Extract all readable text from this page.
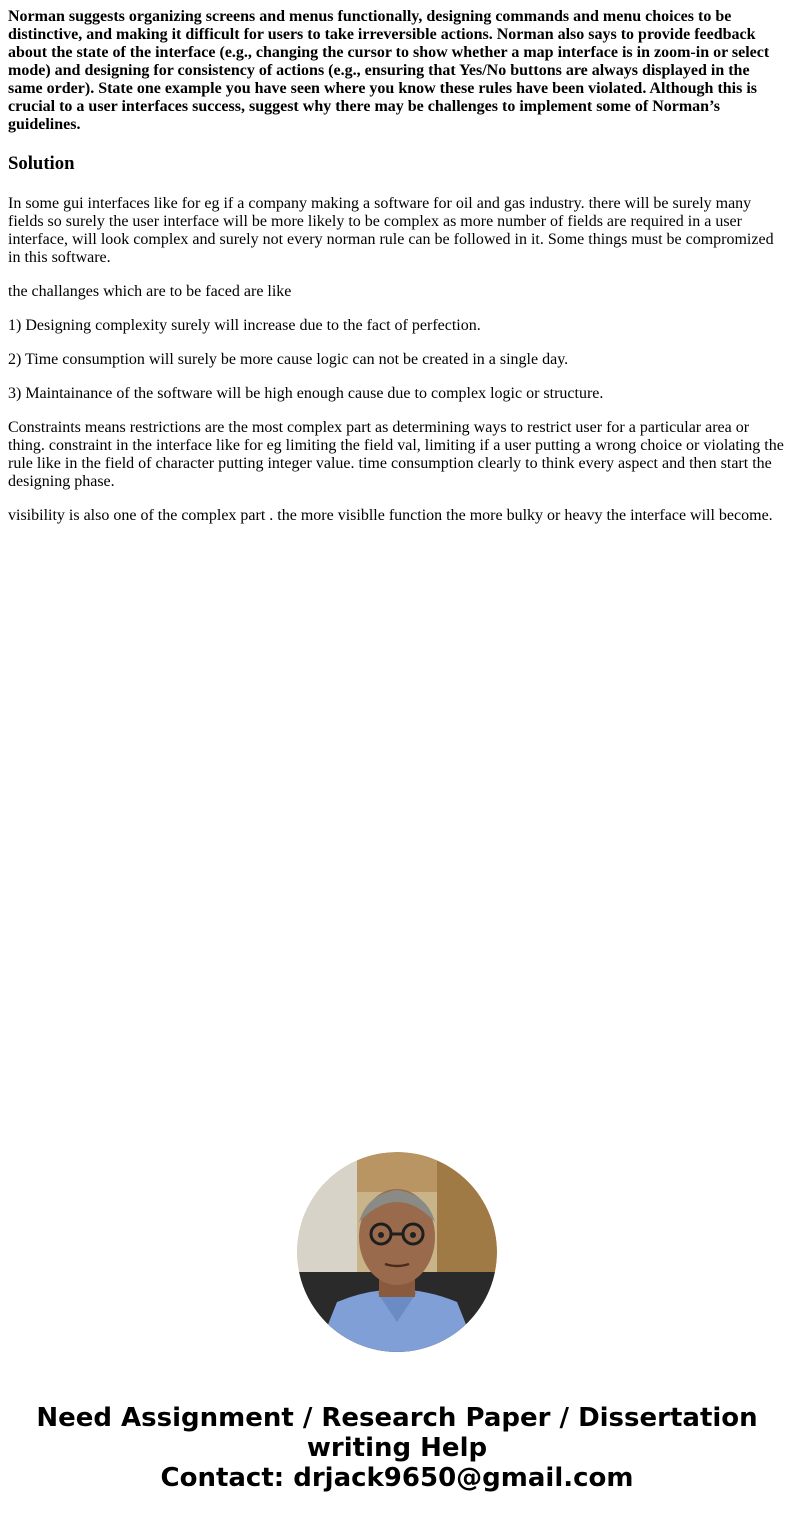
Norman suggests organizing screens and menus functionally, designing commands and menu choices to be distinctive, and making it difficult for users to take irreversible actions. Norman also says to provide feedback about the state of the interface (e.g., changing the cursor to show whether a map interface is in zoom-in or select mode) and designing for consistency of actions (e.g., ensuring that Yes/No buttons are always displayed in the same order). State one example you have seen where you know these rules have been violated. Although this is crucial to a user interfaces success, suggest why there may be challenges to implement some of Norman’s guidelines.
Solution

In some gui interfaces like for eg if a company making a software for oil and gas industry. there will be surely many fields so surely the user interface will be more likely to be complex as more number of fields are required in a user interface, will look complex and surely not every norman rule can be followed in it. Some things must be compromized in this software.

the challanges which are to be faced are like

1) Designing complexity surely will increase due to the fact of perfection.

2) Time consumption will surely be more cause logic can not be created in a single day.

3) Maintainance of the software will be high enough cause due to complex logic or structure.

Constraints means restrictions are the most complex part as determining ways to restrict user for a particular area or thing. constraint in the interface like for eg limiting the field val, limiting if a user putting a wrong choice or violating the rule like in the field of character putting integer value. time consumption clearly to think every aspect and then start the designing phase.

visibility is also one of the complex part . the more visiblle function the more bulky or heavy the interface will become.

Need Assignment / Research Paper / Dissertation writing Help
Contact: drjack9650@gmail.com
